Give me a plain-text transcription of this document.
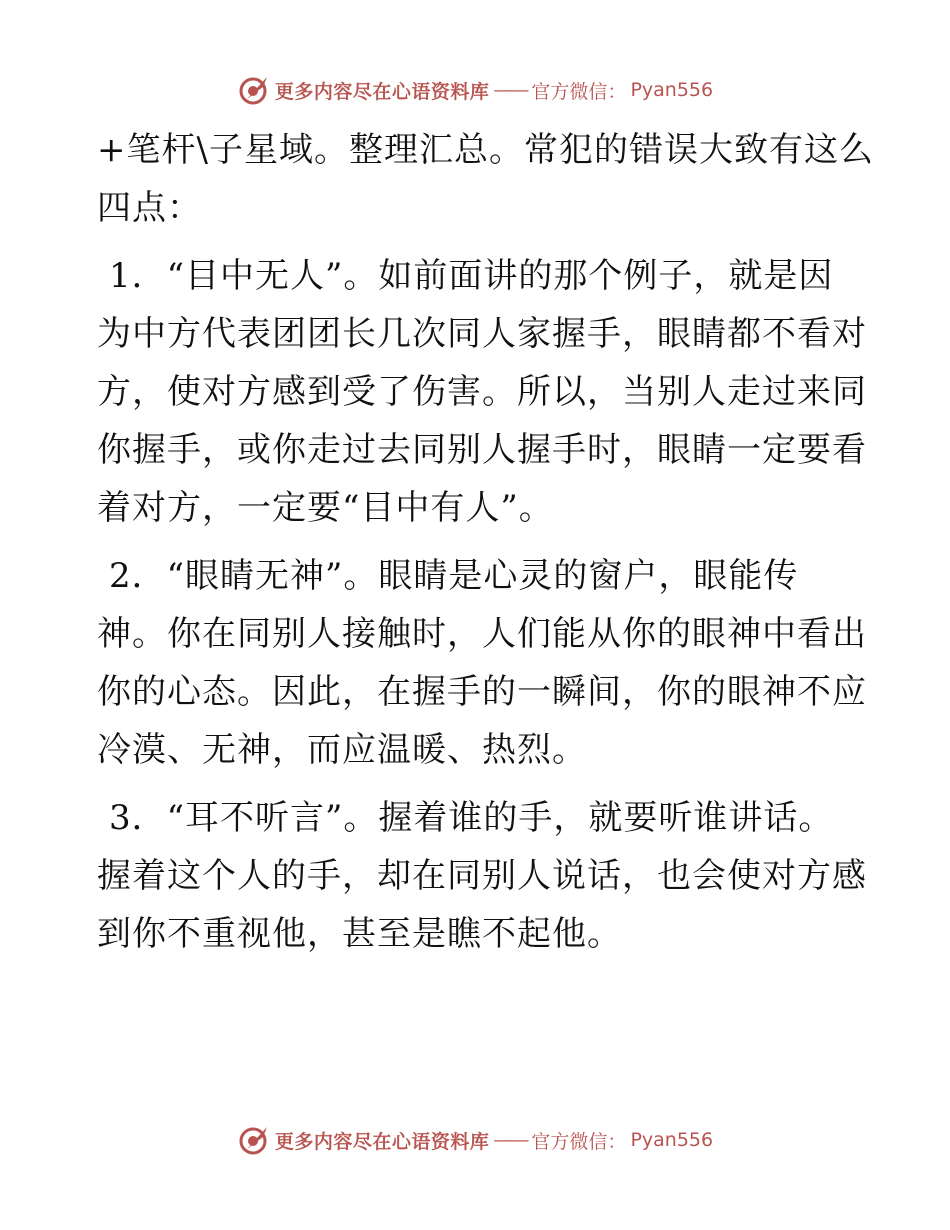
更多内容尽在心语资料库 —— 官方微信： Pyan556

+笔杆\子星域。整理汇总。常犯的错误大致有这么
四点：

1．“目中无人”。如前面讲的那个例子，就是因
为中方代表团团长几次同人家握手，眼睛都不看对
方，使对方感到受了伤害。所以，当别人走过来同
你握手，或你走过去同别人握手时，眼睛一定要看
着对方，一定要“目中有人”。

2．“眼睛无神”。眼睛是心灵的窗户，眼能传
神。你在同别人接触时，人们能从你的眼神中看出
你的心态。因此，在握手的一瞬间，你的眼神不应
冷漠、无神，而应温暖、热烈。

3．“耳不听言”。握着谁的手，就要听谁讲话。
握着这个人的手，却在同别人说话，也会使对方感
到你不重视他，甚至是瞧不起他。

更多内容尽在心语资料库 —— 官方微信： Pyan556
